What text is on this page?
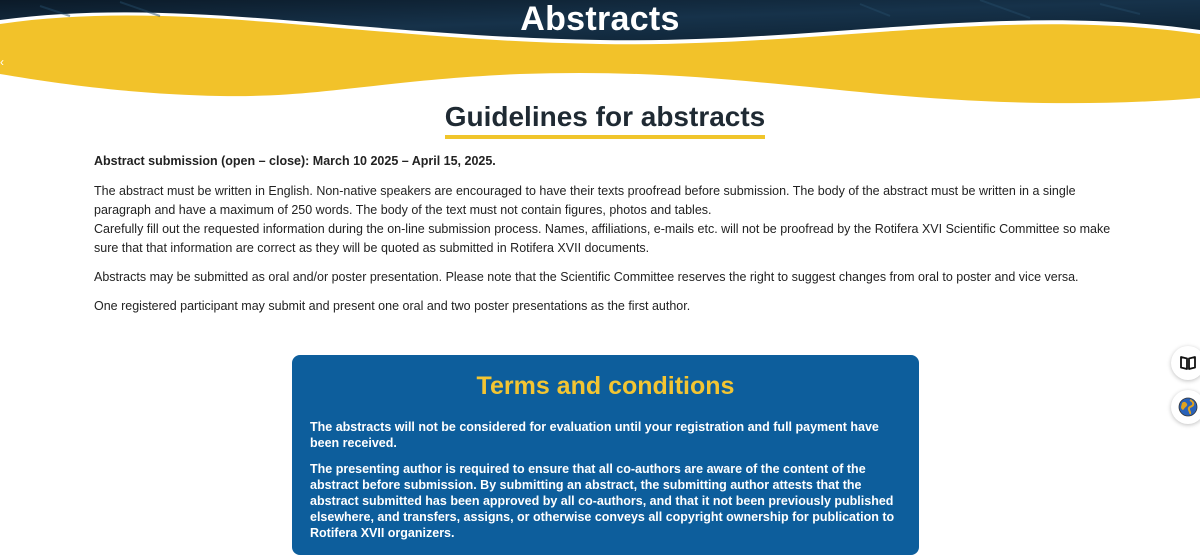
Abstracts
‹
Guidelines for abstracts

Abstract submission (open – close): March 10 2025 – April 15, 2025.

The abstract must be written in English. Non-native speakers are encouraged to have their texts proofread before submission. The body of the abstract must be written in a single paragraph and have a maximum of 250 words. The body of the text must not contain figures, photos and tables.

Carefully fill out the requested information during the on-line submission process. Names, affiliations, e-mails etc. will not be proofread by the Rotifera XVI Scientific Committee so make sure that that information are correct as they will be quoted as submitted in Rotifera XVII documents.

Abstracts may be submitted as oral and/or poster presentation. Please note that the Scientific Committee reserves the right to suggest changes from oral to poster and vice versa.

One registered participant may submit and present one oral and two poster presentations as the first author.

Terms and conditions

The abstracts will not be considered for evaluation until your registration and full payment have been received.

The presenting author is required to ensure that all co-authors are aware of the content of the abstract before submission. By submitting an abstract, the submitting author attests that the abstract submitted has been approved by all co-authors, and that it not been previously published elsewhere, and transfers, assigns, or otherwise conveys all copyright ownership for publication to Rotifera XVII organizers.
